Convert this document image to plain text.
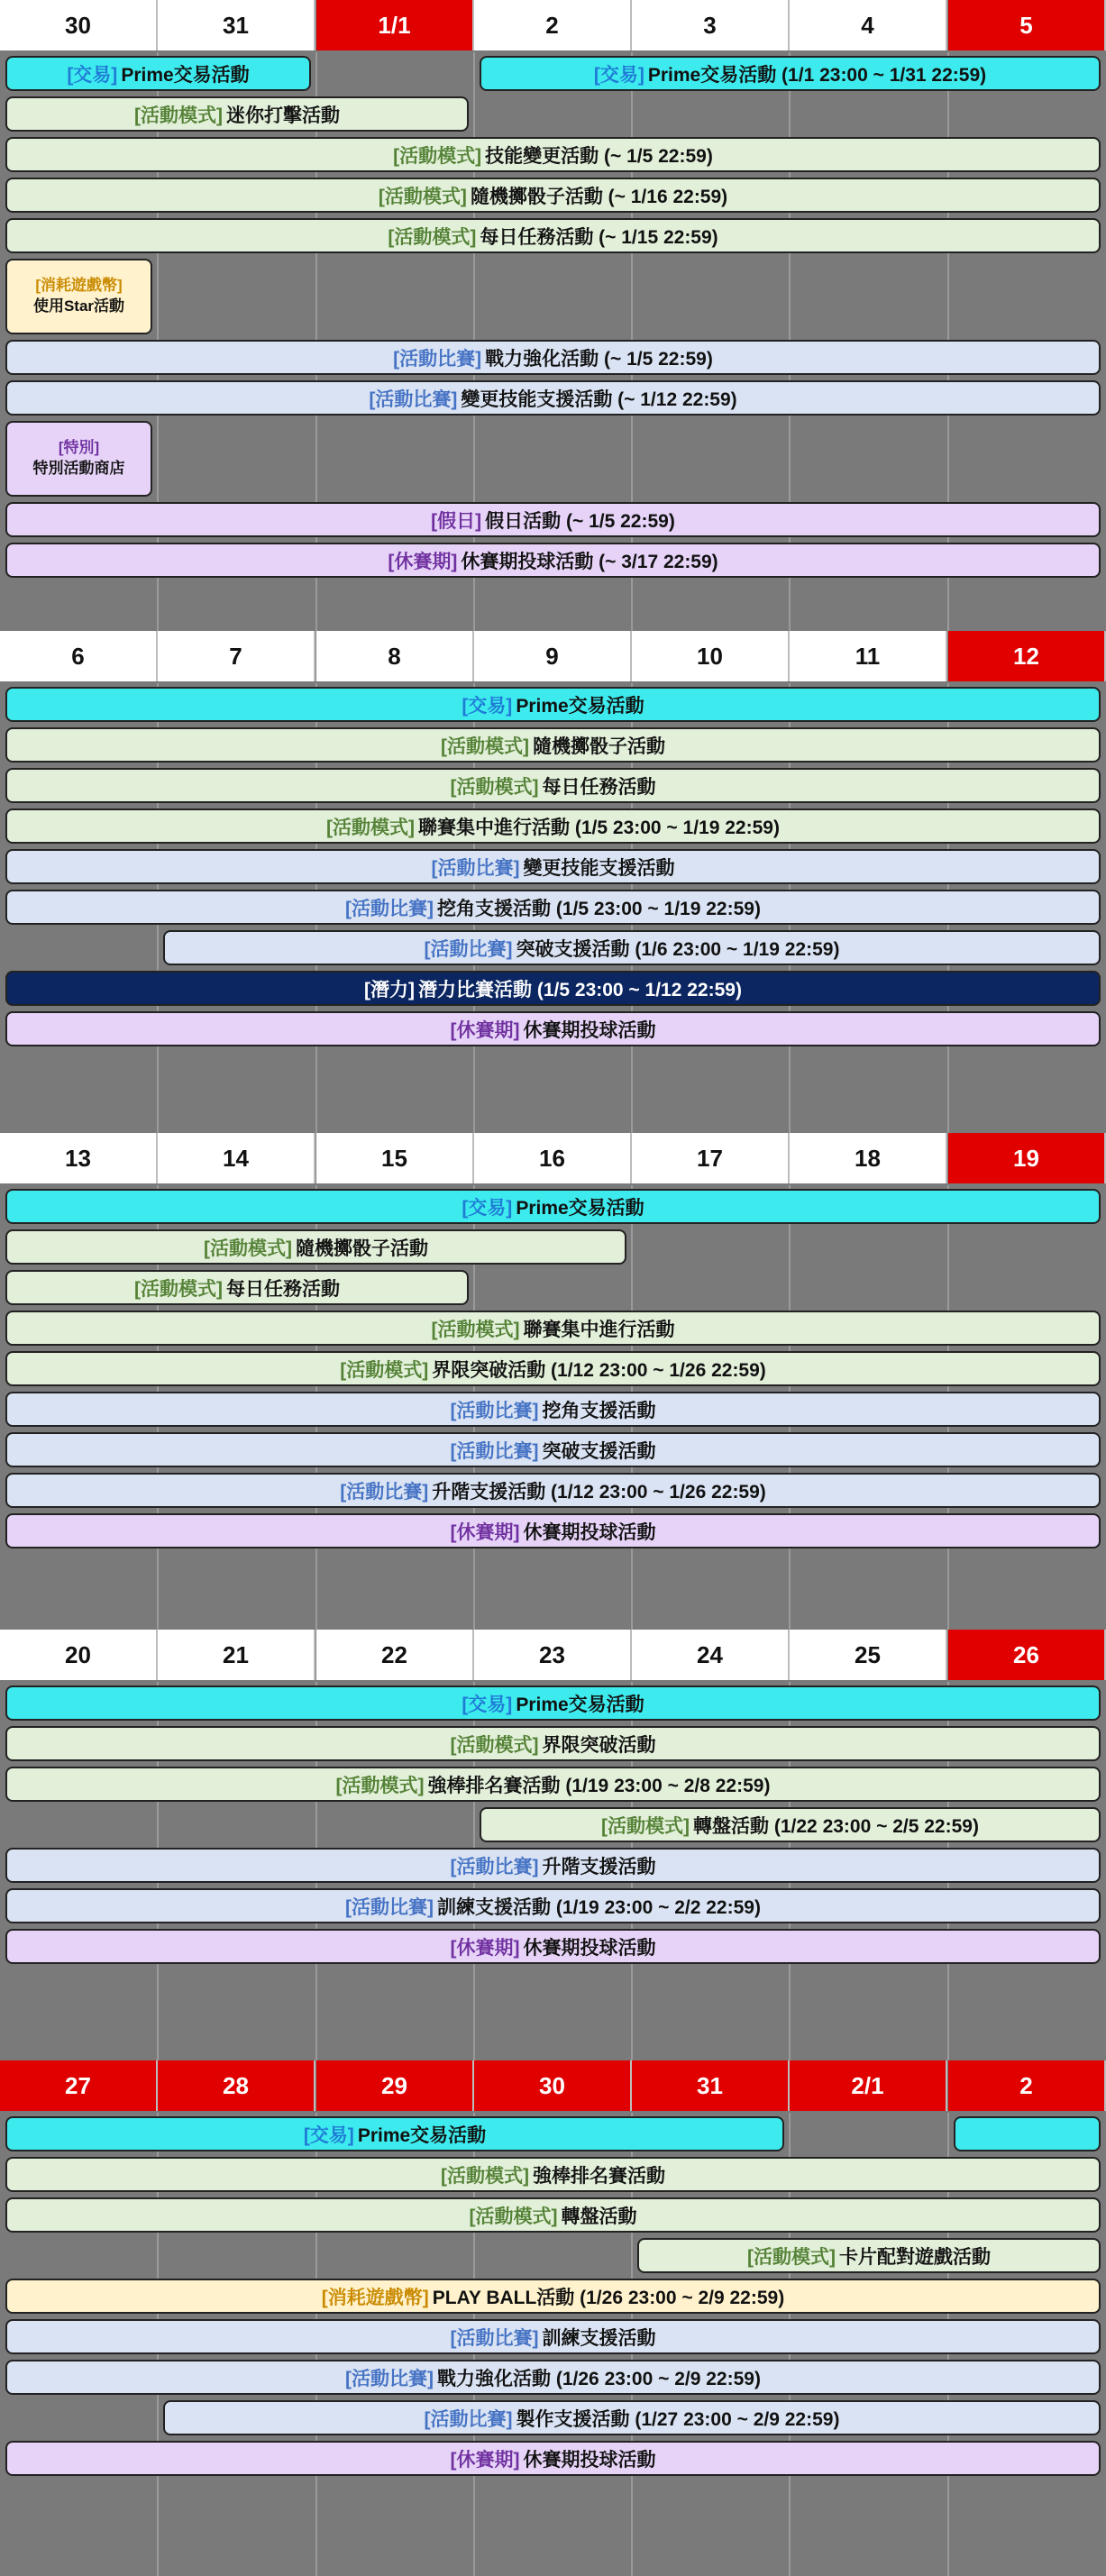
30	31	1/1	2	3	4	5
[交易] Prime交易活動	[交易] Prime交易活動 (1/1 23:00 ~ 1/31 22:59)
[活動模式] 迷你打擊活動
[活動模式] 技能變更活動 (~ 1/5 22:59)
[活動模式] 隨機擲骰子活動 (~ 1/16 22:59)
[活動模式] 每日任務活動 (~ 1/15 22:59)
[消耗遊戲幣]
使用Star活動
[活動比賽] 戰力強化活動 (~ 1/5 22:59)
[活動比賽] 變更技能支援活動 (~ 1/12 22:59)
[特別]
特別活動商店
[假日] 假日活動 (~ 1/5 22:59)
[休賽期] 休賽期投球活動 (~ 3/17 22:59)
6	7	8	9	10	11	12
[交易] Prime交易活動
[活動模式] 隨機擲骰子活動
[活動模式] 每日任務活動
[活動模式] 聯賽集中進行活動 (1/5 23:00 ~ 1/19 22:59)
[活動比賽] 變更技能支援活動
[活動比賽] 挖角支援活動 (1/5 23:00 ~ 1/19 22:59)
[活動比賽] 突破支援活動 (1/6 23:00 ~ 1/19 22:59)
[潛力] 潛力比賽活動 (1/5 23:00 ~ 1/12 22:59)
[休賽期] 休賽期投球活動
13	14	15	16	17	18	19
[交易] Prime交易活動
[活動模式] 隨機擲骰子活動
[活動模式] 每日任務活動
[活動模式] 聯賽集中進行活動
[活動模式] 界限突破活動 (1/12 23:00 ~ 1/26 22:59)
[活動比賽] 挖角支援活動
[活動比賽] 突破支援活動
[活動比賽] 升階支援活動 (1/12 23:00 ~ 1/26 22:59)
[休賽期] 休賽期投球活動
20	21	22	23	24	25	26
[交易] Prime交易活動
[活動模式] 界限突破活動
[活動模式] 強棒排名賽活動 (1/19 23:00 ~ 2/8 22:59)
[活動模式] 轉盤活動 (1/22 23:00 ~ 2/5 22:59)
[活動比賽] 升階支援活動
[活動比賽] 訓練支援活動 (1/19 23:00 ~ 2/2 22:59)
[休賽期] 休賽期投球活動
27	28	29	30	31	2/1	2
[交易] Prime交易活動
[活動模式] 強棒排名賽活動
[活動模式] 轉盤活動
[活動模式] 卡片配對遊戲活動
[消耗遊戲幣] PLAY BALL活動 (1/26 23:00 ~ 2/9 22:59)
[活動比賽] 訓練支援活動
[活動比賽] 戰力強化活動 (1/26 23:00 ~ 2/9 22:59)
[活動比賽] 製作支援活動 (1/27 23:00 ~ 2/9 22:59)
[休賽期] 休賽期投球活動
